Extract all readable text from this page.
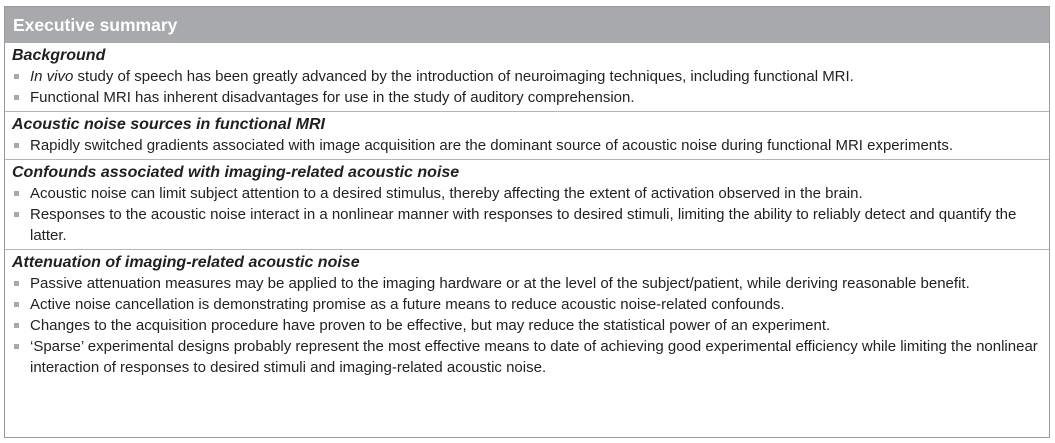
Executive summary
Background
In vivo study of speech has been greatly advanced by the introduction of neuroimaging techniques, including functional MRI.
Functional MRI has inherent disadvantages for use in the study of auditory comprehension.
Acoustic noise sources in functional MRI
Rapidly switched gradients associated with image acquisition are the dominant source of acoustic noise during functional MRI experiments.
Confounds associated with imaging-related acoustic noise
Acoustic noise can limit subject attention to a desired stimulus, thereby affecting the extent of activation observed in the brain.
Responses to the acoustic noise interact in a nonlinear manner with responses to desired stimuli, limiting the ability to reliably detect and quantify the latter.
Attenuation of imaging-related acoustic noise
Passive attenuation measures may be applied to the imaging hardware or at the level of the subject/patient, while deriving reasonable benefit.
Active noise cancellation is demonstrating promise as a future means to reduce acoustic noise-related confounds.
Changes to the acquisition procedure have proven to be effective, but may reduce the statistical power of an experiment.
‘Sparse’ experimental designs probably represent the most effective means to date of achieving good experimental efficiency while limiting the nonlinear interaction of responses to desired stimuli and imaging-related acoustic noise.
